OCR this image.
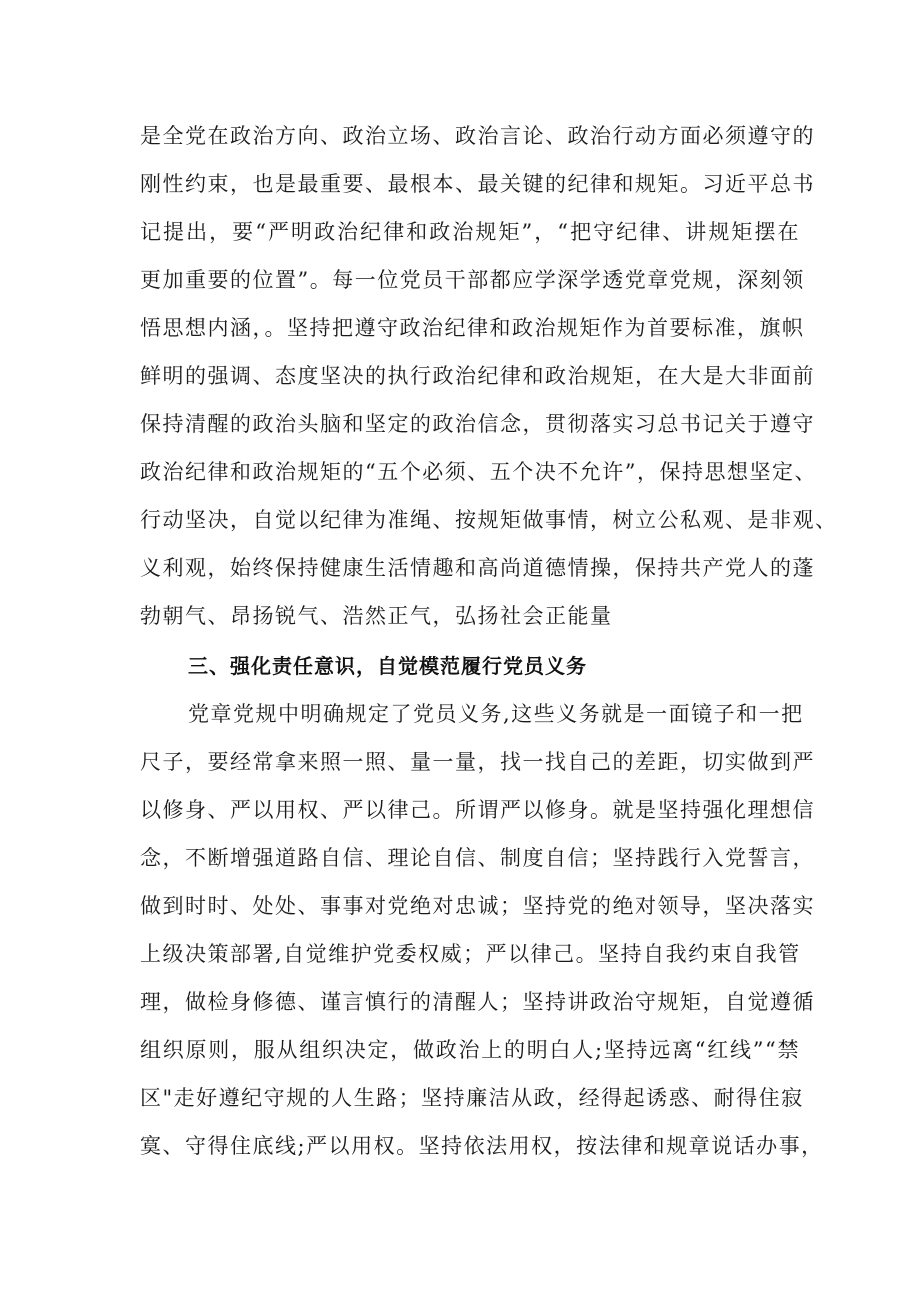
是全党在政治方向、政治立场、政治言论、政治行动方面必须遵守的
刚性约束，也是最重要、最根本、最关键的纪律和规矩。习近平总书
记提出，要“严明政治纪律和政治规矩”，“把守纪律、讲规矩摆在
更加重要的位置”。每一位党员干部都应学深学透党章党规，深刻领
悟思想内涵，。坚持把遵守政治纪律和政治规矩作为首要标准，旗帜
鲜明的强调、态度坚决的执行政治纪律和政治规矩，在大是大非面前
保持清醒的政治头脑和坚定的政治信念，贯彻落实习总书记关于遵守
政治纪律和政治规矩的“五个必须、五个决不允许”，保持思想坚定、
行动坚决，自觉以纪律为准绳、按规矩做事情，树立公私观、是非观、
义利观，始终保持健康生活情趣和高尚道德情操，保持共产党人的蓬
勃朝气、昂扬锐气、浩然正气，弘扬社会正能量
三、强化责任意识，自觉模范履行党员义务
党章党规中明确规定了党员义务,这些义务就是一面镜子和一把
尺子，要经常拿来照一照、量一量，找一找自己的差距，切实做到严
以修身、严以用权、严以律己。所谓严以修身。就是坚持强化理想信
念，不断增强道路自信、理论自信、制度自信；坚持践行入党誓言，
做到时时、处处、事事对党绝对忠诚；坚持党的绝对领导，坚决落实
上级决策部署,自觉维护党委权威；严以律己。坚持自我约束自我管
理，做检身修德、谨言慎行的清醒人；坚持讲政治守规矩，自觉遵循
组织原则，服从组织决定，做政治上的明白人;坚持远离“红线”“禁
区"走好遵纪守规的人生路；坚持廉洁从政，经得起诱惑、耐得住寂
寞、守得住底线;严以用权。坚持依法用权，按法律和规章说话办事，
